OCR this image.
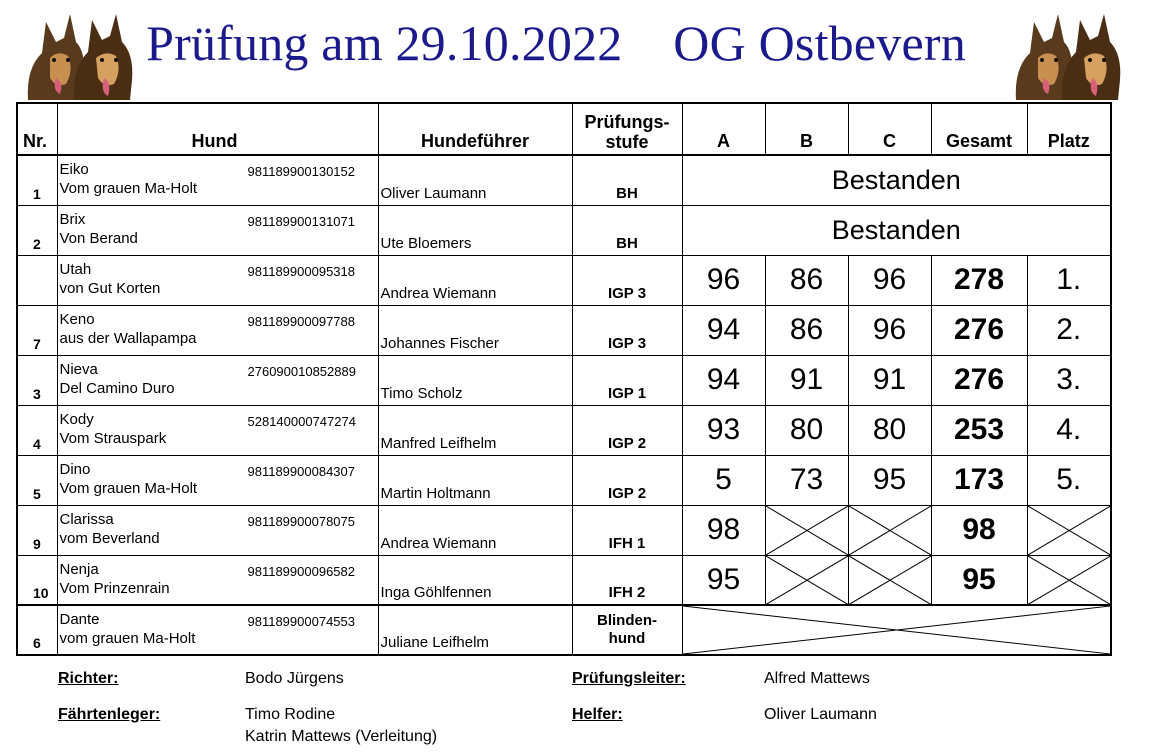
Prüfung am 29.10.2022    OG Ostbevern
Nr.	Hund	Hundeführer	Prüfungs-
stufe	A	B	C	Gesamt	Platz
1	Eiko
Vom grauen Ma-Holt
981189900130152	Oliver Laumann	BH	Bestanden				
2	Brix
Von Berand
981189900131071	Ute Bloemers	BH	Bestanden				

	Utah
von Gut Korten
981189900095318	Andrea Wiemann	IGP 3	96	86	96	278	1.
7	Keno
aus der Wallapampa
981189900097788	Johannes Fischer	IGP 3	94	86	96	276	2.
3	Nieva
Del Camino Duro
276090010852889	Timo Scholz	IGP 1	94	91	91	276	3.
4	Kody
Vom Strauspark
528140000747274	Manfred Leifhelm	IGP 2	93	80	80	253	4.
5	Dino
Vom grauen Ma-Holt
981189900084307	Martin Holtmann	IGP 2	5	73	95	173	5.
9	Clarissa
vom Beverland
981189900078075	Andrea Wiemann	IFH 1	98			98	

10	Nenja
Vom Prinzenrain
981189900096582	Inga Göhlfennen	IFH 2	95			95	

6	Dante
vom grauen Ma-Holt
981189900074553	Juliane Leifhelm	Blinden-
hund	
Richter:	Bodo Jürgens	Prüfungsleiter:	Alfred Mattews
Fährtenleger:	Timo Rodine
Katrin Mattews (Verleitung)
Helfer:	Oliver Laumann
